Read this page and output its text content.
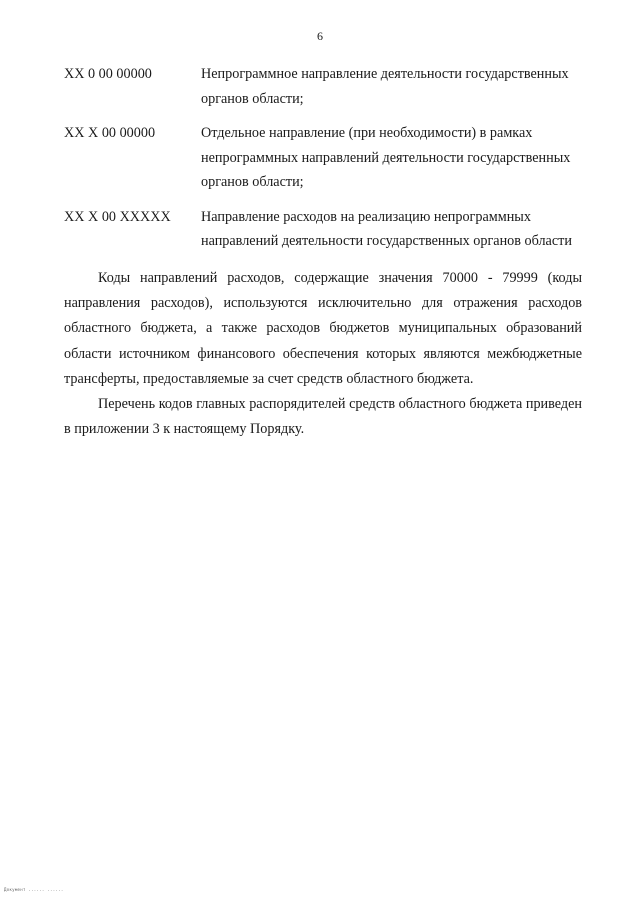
6
XX 0 00 00000	Непрограммное направление деятельности государственных
органов области;
XX X 00 00000	Отдельное направление (при необходимости) в рамках
непрограммных направлений деятельности государственных
органов области;
XX X 00 XXXXX	Направление расходов на реализацию непрограммных
направлений деятельности государственных органов области

Коды направлений расходов, содержащие значения 70000 - 79999 (коды
направления расходов), используются исключительно для отражения расходов
областного бюджета, а также расходов бюджетов муниципальных образований
области источником финансового обеспечения которых являются межбюджетные
трансферты, предоставляемые за счет средств областного бюджета.

Перечень кодов главных распорядителей средств областного бюджета приведен
в приложении 3 к настоящему Порядку.

Документ ...... ......
